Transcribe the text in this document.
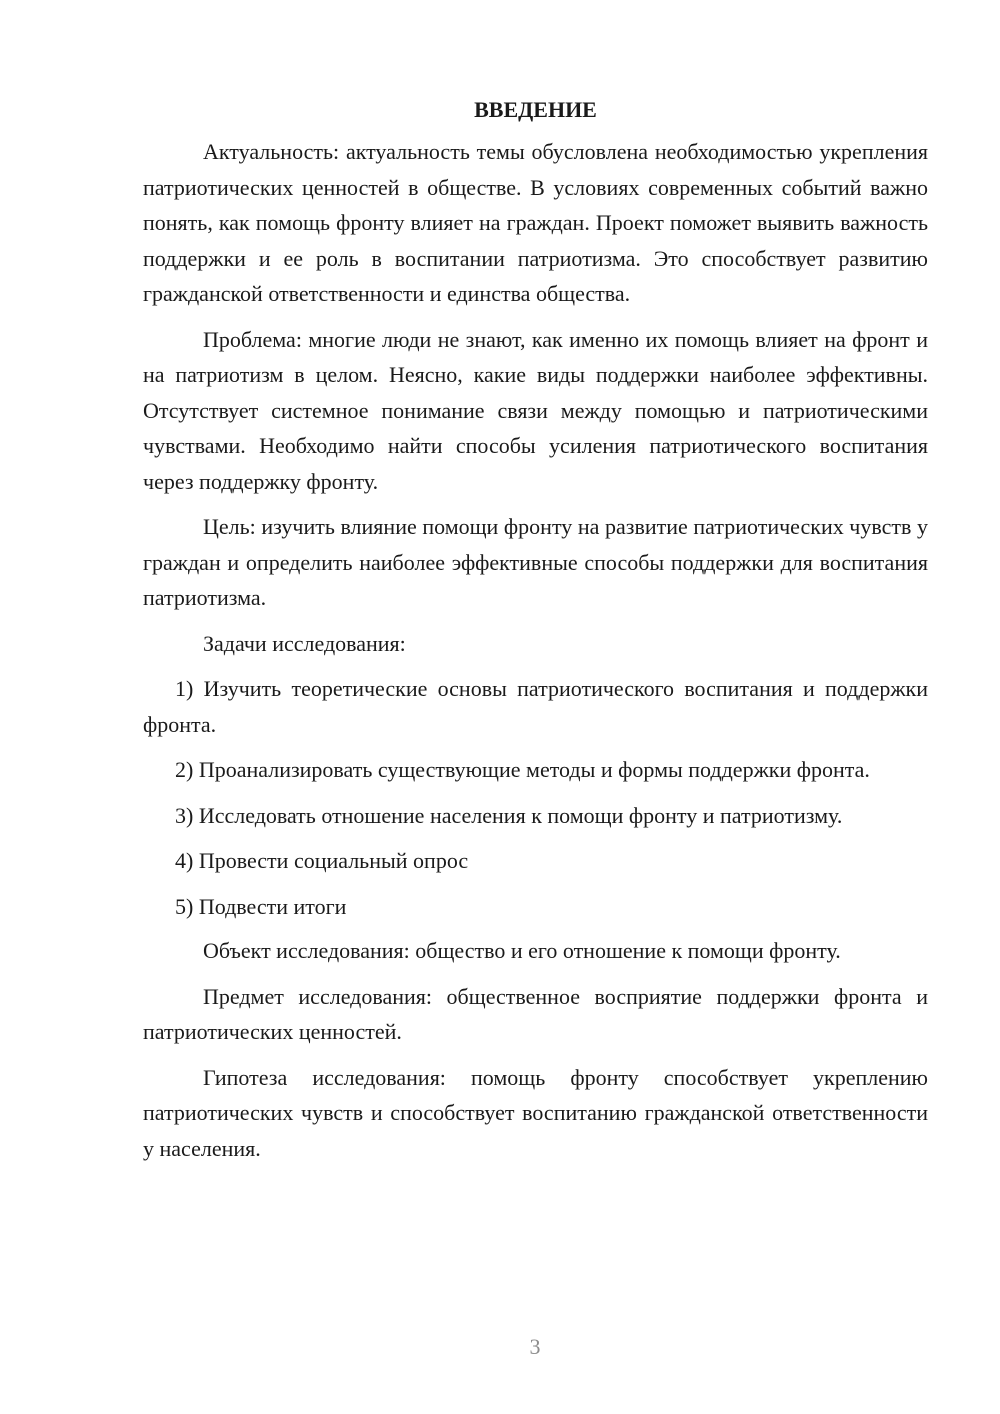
ВВЕДЕНИЕ

Актуальность: актуальность темы обусловлена необходимостью укрепления патриотических ценностей в обществе. В условиях современных событий важно понять, как помощь фронту влияет на граждан. Проект поможет выявить важность поддержки и ее роль в воспитании патриотизма. Это способствует развитию гражданской ответственности и единства общества.

Проблема: многие люди не знают, как именно их помощь влияет на фронт и на патриотизм в целом. Неясно, какие виды поддержки наиболее эффективны. Отсутствует системное понимание связи между помощью и патриотическими чувствами. Необходимо найти способы усиления патриотического воспитания через поддержку фронту.

Цель: изучить влияние помощи фронту на развитие патриотических чувств у граждан и определить наиболее эффективные способы поддержки для воспитания патриотизма.

Задачи исследования:

1) Изучить теоретические основы патриотического воспитания и поддержки фронта.

2) Проанализировать существующие методы и формы поддержки фронта.

3) Исследовать отношение населения к помощи фронту и патриотизму.

4) Провести социальный опрос

5) Подвести итоги

Объект исследования: общество и его отношение к помощи фронту.

Предмет исследования: общественное восприятие поддержки фронта и патриотических ценностей.

Гипотеза исследования: помощь фронту способствует укреплению патриотических чувств и способствует воспитанию гражданской ответственности у населения.

3
